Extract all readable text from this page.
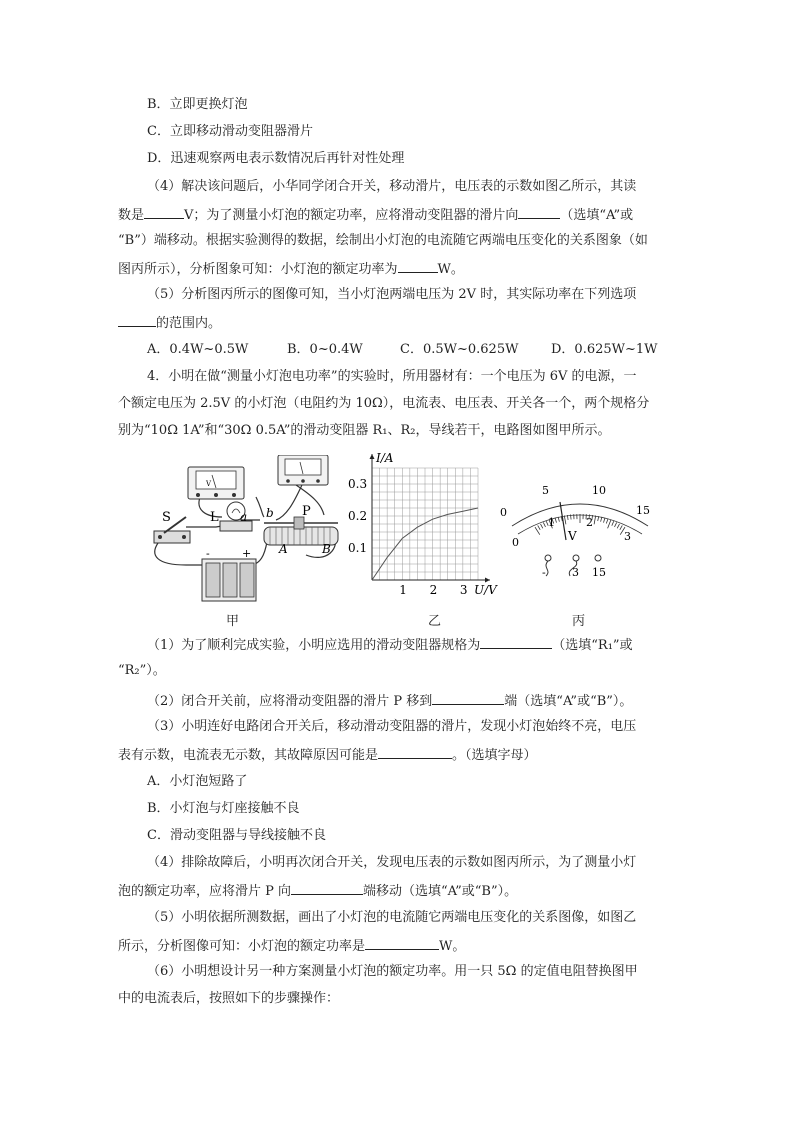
B．立即更换灯泡
C．立即移动滑动变阻器滑片
D．迅速观察两电表示数情况后再针对性处理
（4）解决该问题后，小华同学闭合开关，移动滑片，电压表的示数如图乙所示，其读
数是	V；为了测量小灯泡的额定功率，应将滑动变阻器的滑片向	（选填“A”或
“B”）端移动。根据实验测得的数据，绘制出小灯泡的电流随它两端电压变化的关系图象（如
图丙所示），分析图象可知：小灯泡的额定功率为	W。
（5）分析图丙所示的图像可知，当小灯泡两端电压为 2V 时，其实际功率在下列选项
的范围内。
A．0.4W~0.5W	B．0~0.4W	C．0.5W~0.625W	D．0.625W~1W
4．小明在做“测量小灯泡电功率”的实验时，所用器材有：一个电压为 6V 的电源，一
个额定电压为 2.5V 的小灯泡（电阻约为 10Ω），电流表、电压表、开关各一个，两个规格分
别为“10Ω 1A”和“30Ω 0.5A”的滑动变阻器 R₁、R₂，导线若干，电路图如图甲所示。
V
S	L a b P
A	B
+
-
1 2 3
0.1
0.2
0.3
I/A
U/V
5	10
15
0
0
1	2
3
V
- 3 15
甲	乙	丙
（1）为了顺利完成实验，小明应选用的滑动变阻器规格为	（选填“R₁”或
“R₂”）。
（2）闭合开关前，应将滑动变阻器的滑片 P 移到	端（选填“A”或“B”）。
（3）小明连好电路闭合开关后，移动滑动变阻器的滑片，发现小灯泡始终不亮，电压
表有示数，电流表无示数，其故障原因可能是	。（选填字母）
A．小灯泡短路了
B．小灯泡与灯座接触不良
C．滑动变阻器与导线接触不良
（4）排除故障后，小明再次闭合开关，发现电压表的示数如图丙所示，为了测量小灯
泡的额定功率，应将滑片 P 向	端移动（选填“A”或“B”）。
（5）小明依据所测数据，画出了小灯泡的电流随它两端电压变化的关系图像，如图乙
所示，分析图像可知：小灯泡的额定功率是	W。
（6）小明想设计另一种方案测量小灯泡的额定功率。用一只 5Ω 的定值电阻替换图甲
中的电流表后，按照如下的步骤操作：
